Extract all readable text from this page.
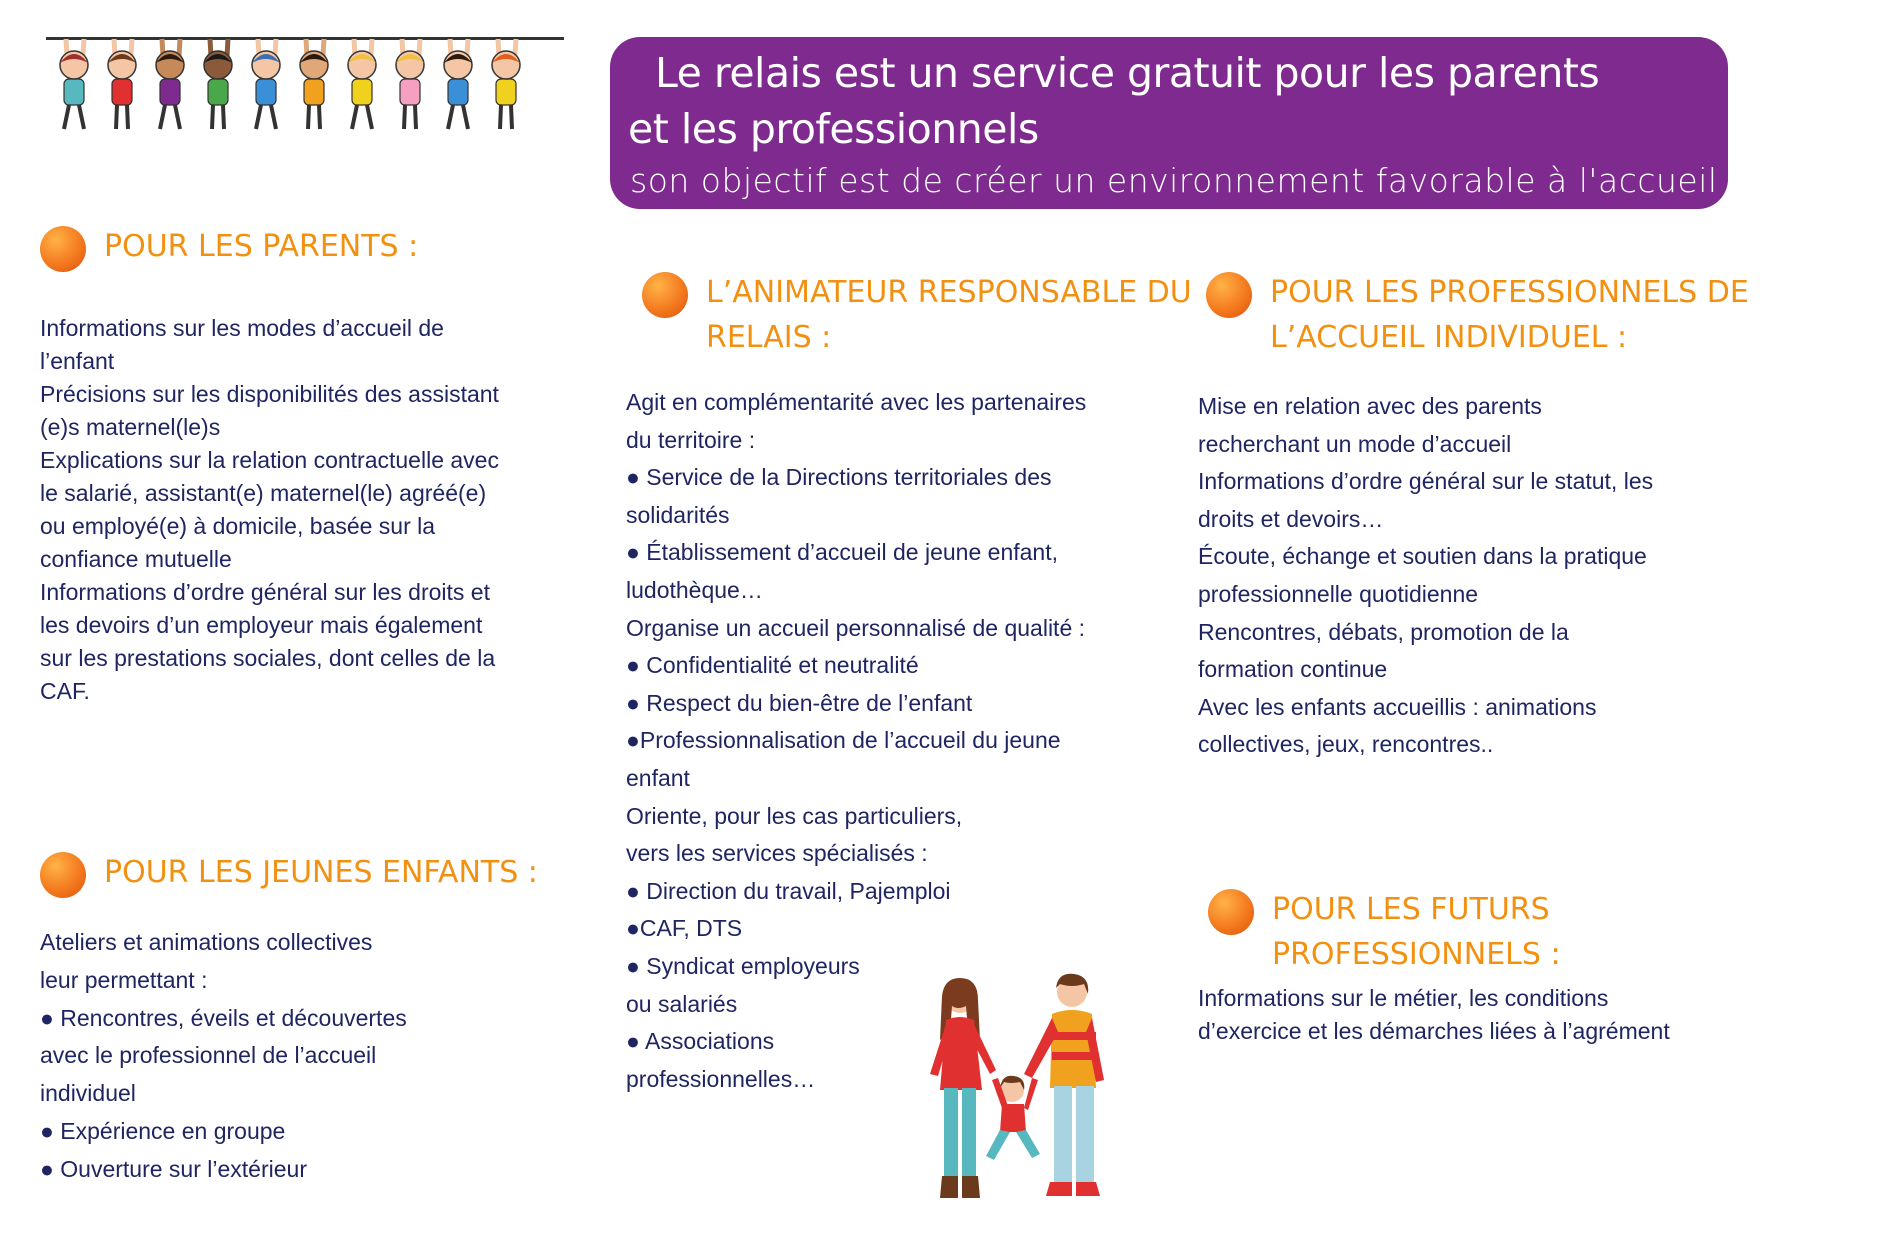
Le relais est un service gratuit pour les parents
et les professionnels
son objectif est de créer un environnement favorable à l'accueil individuel
POUR LES PARENTS :

Informations sur les modes d’accueil de

l’enfant

Précisions sur les disponibilités des assistant

(e)s maternel(le)s

Explications sur la relation contractuelle avec

le salarié, assistant(e) maternel(le) agréé(e)

ou employé(e) à domicile, basée sur la

confiance mutuelle

Informations d’ordre général sur les droits et

les devoirs d’un employeur mais également

sur les prestations sociales, dont celles de la

CAF.

POUR LES JEUNES ENFANTS :

Ateliers et animations collectives

leur permettant :

● Rencontres, éveils et découvertes

avec le professionnel de l’accueil

individuel

● Expérience en groupe

● Ouverture sur l’extérieur

L’ANIMATEUR RESPONSABLE DU
RELAIS :

Agit en complémentarité avec les partenaires

du territoire :

● Service de la Directions territoriales des

solidarités

● Établissement d’accueil de jeune enfant,

ludothèque…

Organise un accueil personnalisé de qualité :

● Confidentialité et neutralité

● Respect du bien-être de l’enfant

●Professionnalisation de l’accueil du jeune

enfant

Oriente, pour les cas particuliers,

vers les services spécialisés :

● Direction du travail, Pajemploi

●CAF, DTS

● Syndicat employeurs

ou salariés

● Associations

professionnelles…

POUR LES PROFESSIONNELS DE
L’ACCUEIL INDIVIDUEL :

Mise en relation avec des parents

recherchant un mode d’accueil

Informations d’ordre général sur le statut, les

droits et devoirs…

Écoute, échange et soutien dans la pratique

professionnelle quotidienne

Rencontres, débats, promotion de la

formation continue

Avec les enfants accueillis : animations

collectives, jeux, rencontres..

POUR LES FUTURS
PROFESSIONNELS :

Informations sur le métier, les conditions

d’exercice et les démarches liées à l’agrément
